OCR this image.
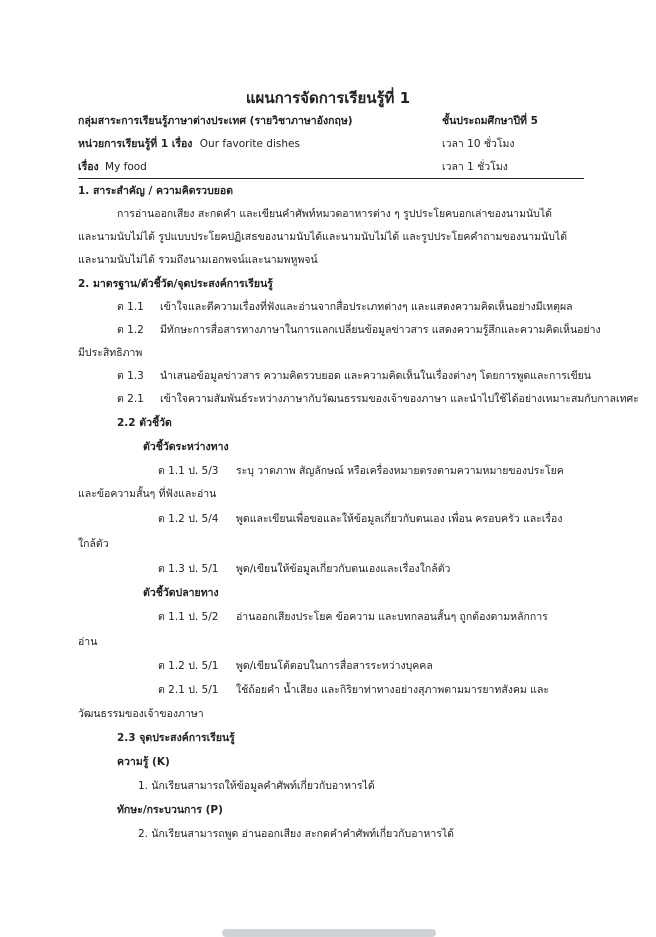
แผนการจัดการเรียนรู้ที่ 1
กลุ่มสาระการเรียนรู้ภาษาต่างประเทศ (รายวิชาภาษาอังกฤษ)	ชั้นประถมศึกษาปีที่ 5
หน่วยการเรียนรู้ที่ 1 เรื่อง Our favorite dishes	เวลา 10 ชั่วโมง
เรื่อง My food	เวลา 1 ชั่วโมง
1. สาระสำคัญ / ความคิดรวบยอด
การอ่านออกเสียง สะกดคำ และเขียนคำศัพท์หมวดอาหารต่าง ๆ รูปประโยคบอกเล่าของนามนับได้
และนามนับไม่ได้ รูปแบบประโยคปฏิเสธของนามนับได้และนามนับไม่ได้ และรูปประโยคคำถามของนามนับได้
และนามนับไม่ได้ รวมถึงนามเอกพจน์และนามพหูพจน์
2. มาตรฐาน/ตัวชี้วัด/จุดประสงค์การเรียนรู้
ต 1.1 เข้าใจและตีความเรื่องที่ฟังและอ่านจากสื่อประเภทต่างๆ และแสดงความคิดเห็นอย่างมีเหตุผล
ต 1.2 มีทักษะการสื่อสารทางภาษาในการแลกเปลี่ยนข้อมูลข่าวสาร แสดงความรู้สึกและความคิดเห็นอย่าง
มีประสิทธิภาพ
ต 1.3 นำเสนอข้อมูลข่าวสาร ความคิดรวบยอด และความคิดเห็นในเรื่องต่างๆ โดยการพูดและการเขียน
ต 2.1 เข้าใจความสัมพันธ์ระหว่างภาษากับวัฒนธรรมของเจ้าของภาษา และนำไปใช้ได้อย่างเหมาะสมกับกาลเทศะ
2.2 ตัวชี้วัด
ตัวชี้วัดระหว่างทาง
ต 1.1 ป. 5/3 ระบุ วาดภาพ สัญลักษณ์ หรือเครื่องหมายตรงตามความหมายของประโยค
และข้อความสั้นๆ ที่ฟังและอ่าน
ต 1.2 ป. 5/4 พูดและเขียนเพื่อขอและให้ข้อมูลเกี่ยวกับตนเอง เพื่อน ครอบครัว และเรื่อง
ใกล้ตัว
ต 1.3 ป. 5/1 พูด/เขียนให้ข้อมูลเกี่ยวกับตนเองและเรื่องใกล้ตัว
ตัวชี้วัดปลายทาง
ต 1.1 ป. 5/2 อ่านออกเสียงประโยค ข้อความ และบทกลอนสั้นๆ ถูกต้องตามหลักการ
อ่าน
ต 1.2 ป. 5/1 พูด/เขียนโต้ตอบในการสื่อสารระหว่างบุคคล
ต 2.1 ป. 5/1 ใช้ถ้อยคำ น้ำเสียง และกิริยาท่าทางอย่างสุภาพตามมารยาทสังคม และ
วัฒนธรรมของเจ้าของภาษา
2.3 จุดประสงค์การเรียนรู้
ความรู้ (K)
1. นักเรียนสามารถให้ข้อมูลคำศัพท์เกี่ยวกับอาหารได้
ทักษะ/กระบวนการ (P)
2. นักเรียนสามารถพูด อ่านออกเสียง สะกดคำคำศัพท์เกี่ยวกับอาหารได้
